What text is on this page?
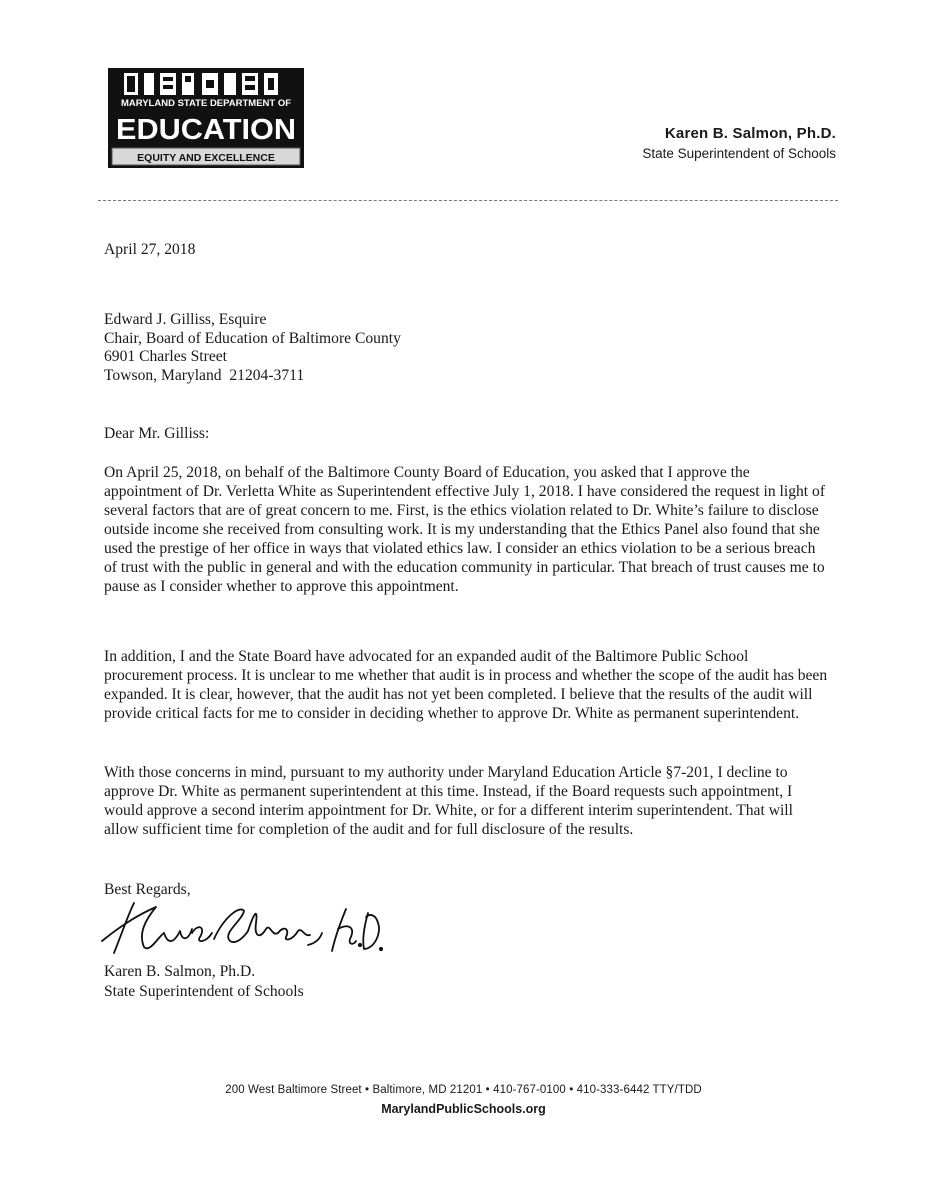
MARYLAND STATE DEPARTMENT OF
EDUCATION
EQUITY AND EXCELLENCE
Karen B. Salmon, Ph.D.
State Superintendent of Schools
April 27, 2018
Edward J. Gilliss, Esquire
Chair, Board of Education of Baltimore County
6901 Charles Street
Towson, Maryland  21204-3711
Dear Mr. Gilliss:
On April 25, 2018, on behalf of the Baltimore County Board of Education, you asked that I approve the appointment of Dr. Verletta White as Superintendent effective July 1, 2018. I have considered the request in light of several factors that are of great concern to me. First, is the ethics violation related to Dr. White’s failure to disclose outside income she received from consulting work. It is my understanding that the Ethics Panel also found that she used the prestige of her office in ways that violated ethics law. I consider an ethics violation to be a serious breach of trust with the public in general and with the education community in particular. That breach of trust causes me to pause as I consider whether to approve this appointment.
In addition, I and the State Board have advocated for an expanded audit of the Baltimore Public School procurement process. It is unclear to me whether that audit is in process and whether the scope of the audit has been expanded. It is clear, however, that the audit has not yet been completed. I believe that the results of the audit will provide critical facts for me to consider in deciding whether to approve Dr. White as permanent superintendent.
With those concerns in mind, pursuant to my authority under Maryland Education Article §7-201, I decline to approve Dr. White as permanent superintendent at this time. Instead, if the Board requests such appointment, I would approve a second interim appointment for Dr. White, or for a different interim superintendent. That will allow sufficient time for completion of the audit and for full disclosure of the results.
Best Regards,
Karen B. Salmon, Ph.D.
State Superintendent of Schools
200 West Baltimore Street • Baltimore, MD 21201 • 410-767-0100 • 410-333-6442 TTY/TDD
MarylandPublicSchools.org
